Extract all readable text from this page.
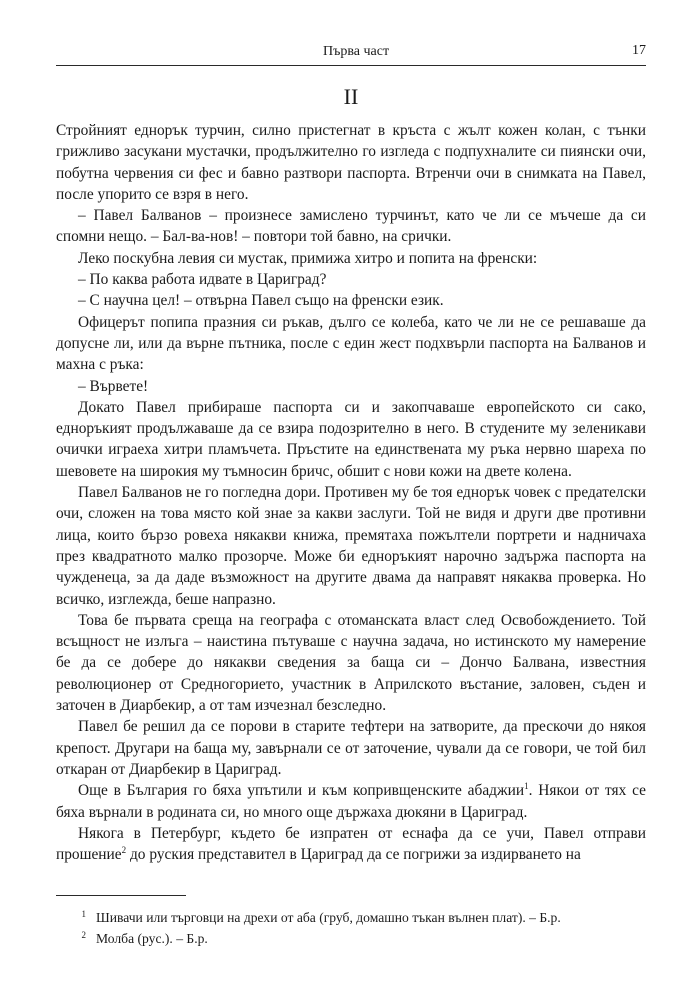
Първа част	17
II

Стройният еднорък турчин, силно пристегнат в кръста с жълт кожен колан, с тънки грижливо засукани мустачки, продължително го изгледа с подпухналите си пиянски очи, побутна червения си фес и бавно разтвори паспорта. Втренчи очи в снимката на Павел, после упорито се взря в него.

– Павел Балванов – произнесе замислено турчинът, като че ли се мъчеше да си спомни нещо. – Бал-ва-нов! – повтори той бавно, на срички.

Леко поскубна левия си мустак, примижа хитро и попита на френски:

– По каква работа идвате в Цариград?

– С научна цел! – отвърна Павел също на френски език.

Офицерът попипа празния си ръкав, дълго се колеба, като че ли не се решаваше да допусне ли, или да върне пътника, после с един жест подхвърли паспорта на Балванов и махна с ръка:

– Вървете!

Докато Павел прибираше паспорта си и закопчаваше европейското си сако, едноръкият продължаваше да се взира подозрително в него. В студените му зеленикави очички играеха хитри пламъчета. Пръстите на единствената му ръка нервно шареха по шевовете на широкия му тъмносин бричс, обшит с нови кожи на двете колена.

Павел Балванов не го погледна дори. Противен му бе тоя еднорък човек с предателски очи, сложен на това място кой знае за какви заслуги. Той не видя и други две противни лица, които бързо ровеха някакви книжа, премятаха пожълтели портрети и надничаха през квадратното малко прозорче. Може би едноръкият нарочно задържа паспорта на чужденеца, за да даде възможност на другите двама да направят някаква проверка. Но всичко, изглежда, беше напразно.

Това бе първата среща на географа с отоманската власт след Освобождението. Той всъщност не излъга – наистина пътуваше с научна задача, но истинското му намерение бе да се добере до някакви сведения за баща си – Дончо Балвана, известния революционер от Средногорието, участник в Априлското въстание, заловен, съден и заточен в Диарбекир, а от там изчезнал безследно.

Павел бе решил да се порови в старите тефтери на затворите, да прескочи до някоя крепост. Другари на баща му, завърнали се от заточение, чували да се говори, че той бил откаран от Диарбекир в Цариград.

Още в България го бяха упътили и към копривщенските абаджии$^1$. Някои от тях се бяха върнали в родината си, но много още държаха дюкяни в Цариград.

Някога в Петербург, където бе изпратен от еснафа да се учи, Павел отправи прошение$^2$ до руския представител в Цариград да се погрижи за издирването на

1 Шивачи или търговци на дрехи от аба (груб, домашно тъкан вълнен плат). – Б.р.
2 Молба (рус.). – Б.р.
